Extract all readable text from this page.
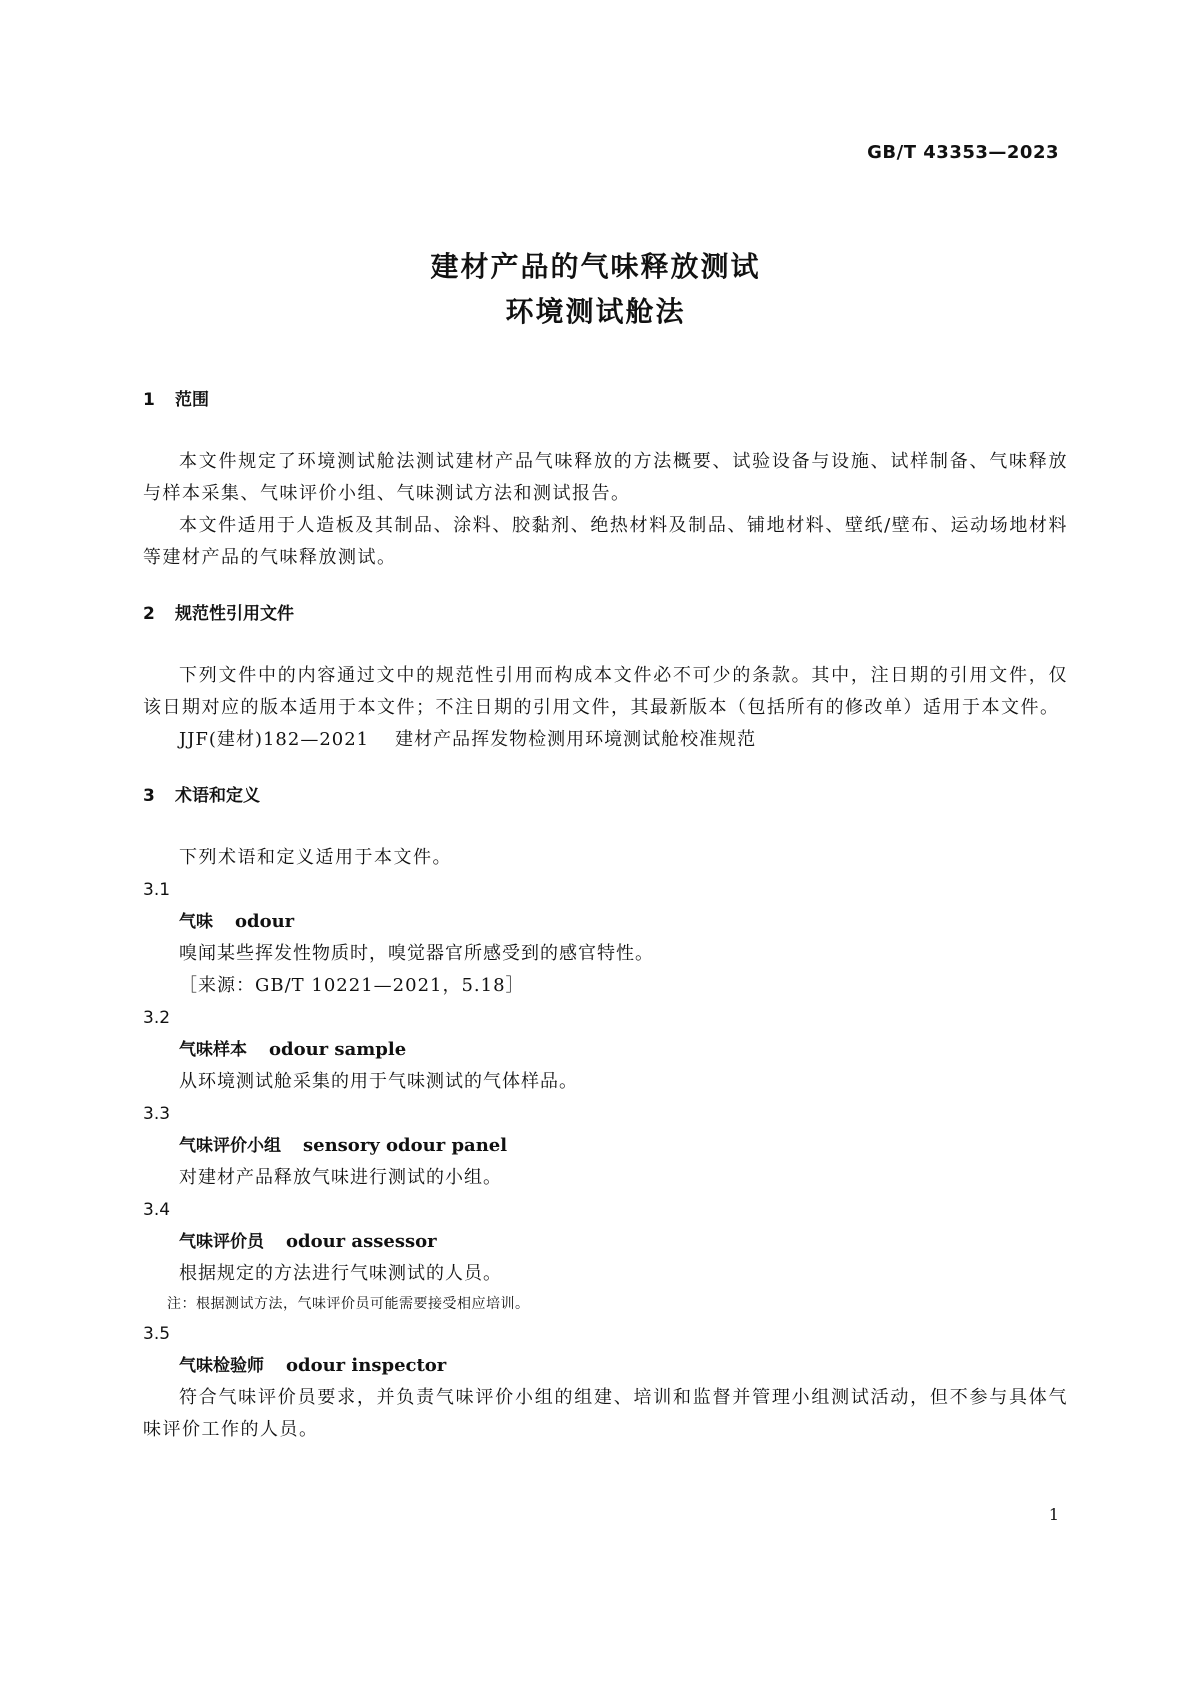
GB/T 43353—2023
建材产品的气味释放测试
环境测试舱法
1 范围

本文件规定了环境测试舱法测试建材产品气味释放的方法概要、试验设备与设施、试样制备、气味释放与样本采集、气味评价小组、气味测试方法和测试报告。

本文件适用于人造板及其制品、涂料、胶黏剂、绝热材料及制品、铺地材料、壁纸/壁布、运动场地材料等建材产品的气味释放测试。

2 规范性引用文件

下列文件中的内容通过文中的规范性引用而构成本文件必不可少的条款。其中，注日期的引用文件，仅该日期对应的版本适用于本文件；不注日期的引用文件，其最新版本（包括所有的修改单）适用于本文件。

JJF(建材)182—2021 建材产品挥发物检测用环境测试舱校准规范

3 术语和定义

下列术语和定义适用于本文件。

3.1

气味 odour

嗅闻某些挥发性物质时，嗅觉器官所感受到的感官特性。

［来源：GB/T 10221—2021，5.18］

3.2

气味样本 odour sample

从环境测试舱采集的用于气味测试的气体样品。

3.3

气味评价小组 sensory odour panel

对建材产品释放气味进行测试的小组。

3.4

气味评价员 odour assessor

根据规定的方法进行气味测试的人员。

注：根据测试方法，气味评价员可能需要接受相应培训。

3.5

气味检验师 odour inspector

符合气味评价员要求，并负责气味评价小组的组建、培训和监督并管理小组测试活动，但不参与具体气味评价工作的人员。

1
